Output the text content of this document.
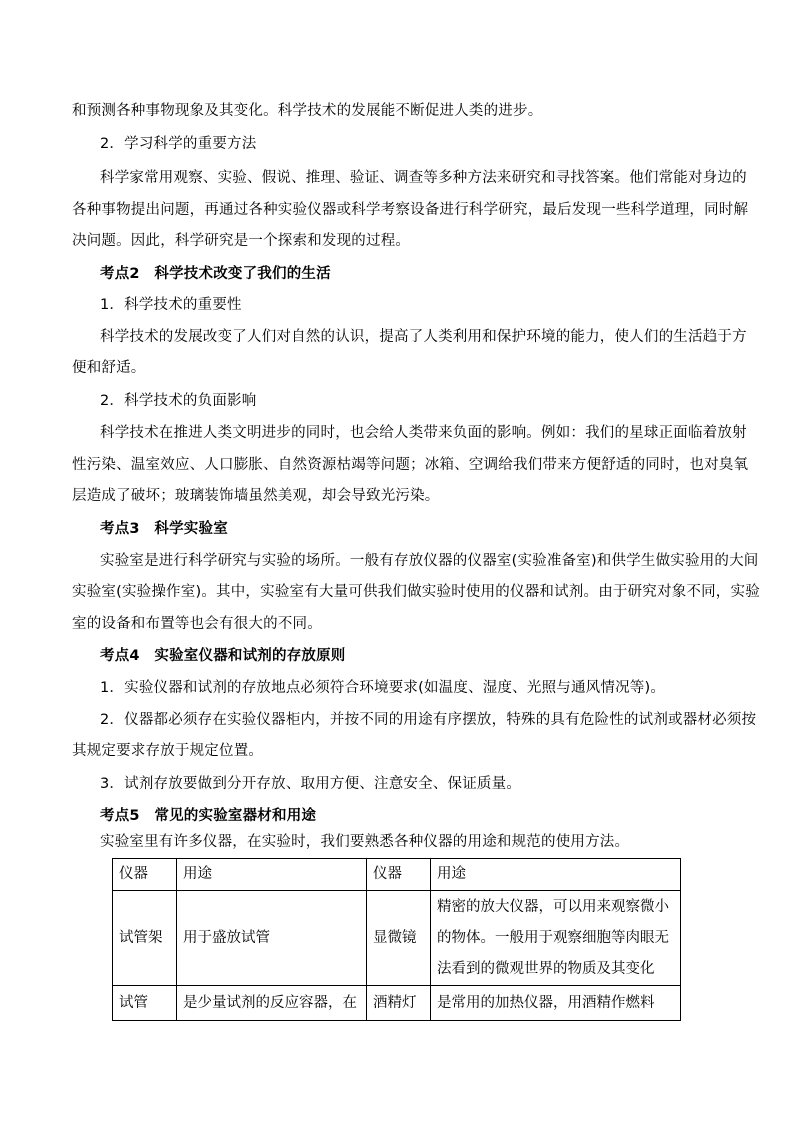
和预测各种事物现象及其变化。科学技术的发展能不断促进人类的进步。
2．学习科学的重要方法
科学家常用观察、实验、假说、推理、验证、调查等多种方法来研究和寻找答案。他们常能对身边的
各种事物提出问题，再通过各种实验仪器或科学考察设备进行科学研究，最后发现一些科学道理，同时解
决问题。因此，科学研究是一个探索和发现的过程。
考点2　科学技术改变了我们的生活
1．科学技术的重要性
科学技术的发展改变了人们对自然的认识，提高了人类利用和保护环境的能力，使人们的生活趋于方
便和舒适。
2．科学技术的负面影响
科学技术在推进人类文明进步的同时，也会给人类带来负面的影响。例如：我们的星球正面临着放射
性污染、温室效应、人口膨胀、自然资源枯竭等问题；冰箱、空调给我们带来方便舒适的同时，也对臭氧
层造成了破坏；玻璃装饰墙虽然美观，却会导致光污染。
考点3　科学实验室
实验室是进行科学研究与实验的场所。一般有存放仪器的仪器室(实验准备室)和供学生做实验用的大间
实验室(实验操作室)。其中，实验室有大量可供我们做实验时使用的仪器和试剂。由于研究对象不同，实验
室的设备和布置等也会有很大的不同。
考点4　实验室仪器和试剂的存放原则
1．实验仪器和试剂的存放地点必须符合环境要求(如温度、湿度、光照与通风情况等)。
2．仪器都必须存在实验仪器柜内，并按不同的用途有序摆放，特殊的具有危险性的试剂或器材必须按
其规定要求存放于规定位置。
3．试剂存放要做到分开存放、取用方便、注意安全、保证质量。
考点5　常见的实验室器材和用途
实验室里有许多仪器，在实验时，我们要熟悉各种仪器的用途和规范的使用方法。
仪器	用途	仪器	用途
试管架	用于盛放试管	显微镜	精密的放大仪器，可以用来观察微小的物体。一般用于观察细胞等肉眼无法看到的微观世界的物质及其变化
试管	是少量试剂的反应容器，在	酒精灯	是常用的加热仪器，用酒精作燃料
